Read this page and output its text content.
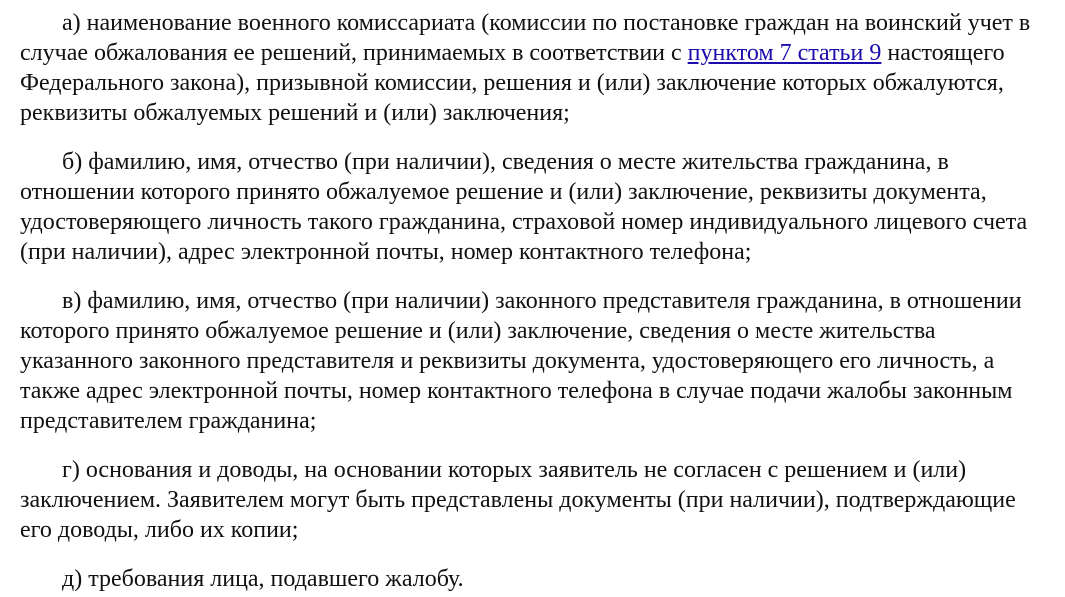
а) наименование военного комиссариата (комиссии по постановке граждан на воинский учет в случае обжалования ее решений, принимаемых в соответствии с пунктом 7 статьи 9 настоящего Федерального закона), призывной комиссии, решения и (или) заключение которых обжалуются, реквизиты обжалуемых решений и (или) заключения;

б) фамилию, имя, отчество (при наличии), сведения о месте жительства гражданина, в отношении которого принято обжалуемое решение и (или) заключение, реквизиты документа, удостоверяющего личность такого гражданина, страховой номер индивидуального лицевого счета (при наличии), адрес электронной почты, номер контактного телефона;

в) фамилию, имя, отчество (при наличии) законного представителя гражданина, в отношении которого принято обжалуемое решение и (или) заключение, сведения о месте жительства указанного законного представителя и реквизиты документа, удостоверяющего его личность, а также адрес электронной почты, номер контактного телефона в случае подачи жалобы законным представителем гражданина;

г) основания и доводы, на основании которых заявитель не согласен с решением и (или) заключением. Заявителем могут быть представлены документы (при наличии), подтверждающие его доводы, либо их копии;

д) требования лица, подавшего жалобу.
